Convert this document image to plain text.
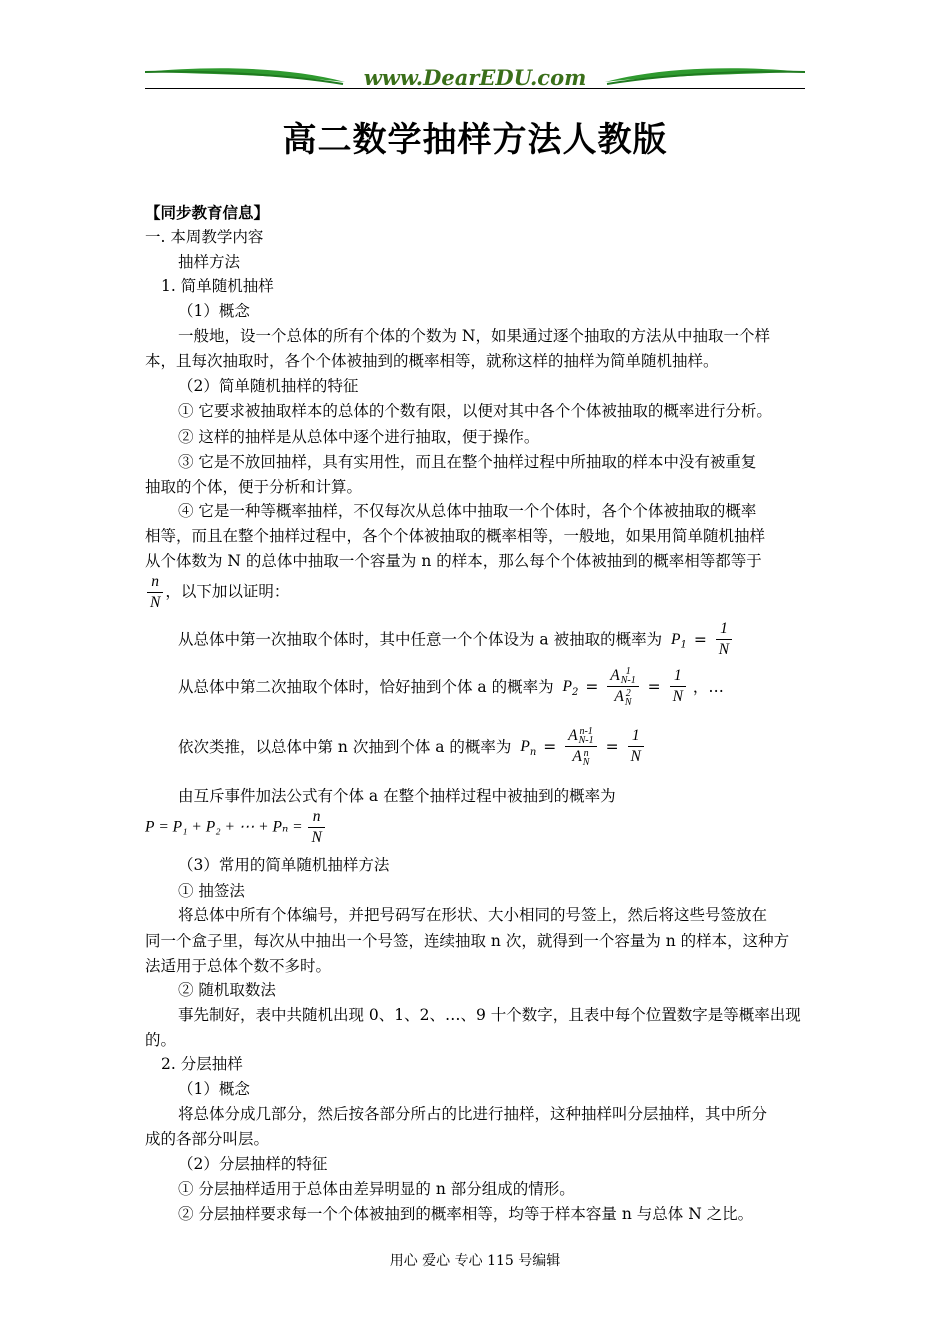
www.DearEDU.com
高二数学抽样方法人教版
【同步教育信息】
一. 本周教学内容
抽样方法
1. 简单随机抽样
（1）概念
一般地，设一个总体的所有个体的个数为 N，如果通过逐个抽取的方法从中抽取一个样
本，且每次抽取时，各个个体被抽到的概率相等，就称这样的抽样为简单随机抽样。
（2）简单随机抽样的特征
① 它要求被抽取样本的总体的个数有限，以便对其中各个个体被抽取的概率进行分析。
② 这样的抽样是从总体中逐个进行抽取，便于操作。
③ 它是不放回抽样，具有实用性，而且在整个抽样过程中所抽取的样本中没有被重复
抽取的个体，便于分析和计算。
④ 它是一种等概率抽样，不仅每次从总体中抽取一个个体时，各个个体被抽取的概率
相等，而且在整个抽样过程中，各个个体被抽取的概率相等，一般地，如果用简单随机抽样
从个体数为 N 的总体中抽取一个容量为 n 的样本，那么每个个体被抽到的概率相等都等于
$\frac{n}{N}$ ，以下加以证明：
从总体中第一次抽取个体时，其中任意一个个体设为 a 被抽取的概率为 $P_1 = \frac{1}{N}$
从总体中第二次抽取个体时，恰好抽到个体 a 的概率为 $P_2 = A$ 1
N-1
A 2
$N = \frac{1}{N}$ ，…
依次类推，以总体中第 n 次抽到个体 a 的概率为 $P_n = A$ n-1
N-1
A n
$N = \frac{1}{N}$
由互斥事件加法公式有个体 a 在整个抽样过程中被抽到的概率为
P = P₁ + P₂ + ⋯ + $P_n = \frac{n}{N}$
（3）常用的简单随机抽样方法
① 抽签法
将总体中所有个体编号，并把号码写在形状、大小相同的号签上，然后将这些号签放在
同一个盒子里，每次从中抽出一个号签，连续抽取 n 次，就得到一个容量为 n 的样本，这种方
法适用于总体个数不多时。
② 随机取数法
事先制好，表中共随机出现 0、1、2、…、9 十个数字，且表中每个位置数字是等概率出现
的。
2. 分层抽样
（1）概念
将总体分成几部分，然后按各部分所占的比进行抽样，这种抽样叫分层抽样，其中所分
成的各部分叫层。
（2）分层抽样的特征
① 分层抽样适用于总体由差异明显的 n 部分组成的情形。
② 分层抽样要求每一个个体被抽到的概率相等，均等于样本容量 n 与总体 N 之比。
用心 爱心 专心 115 号编辑
